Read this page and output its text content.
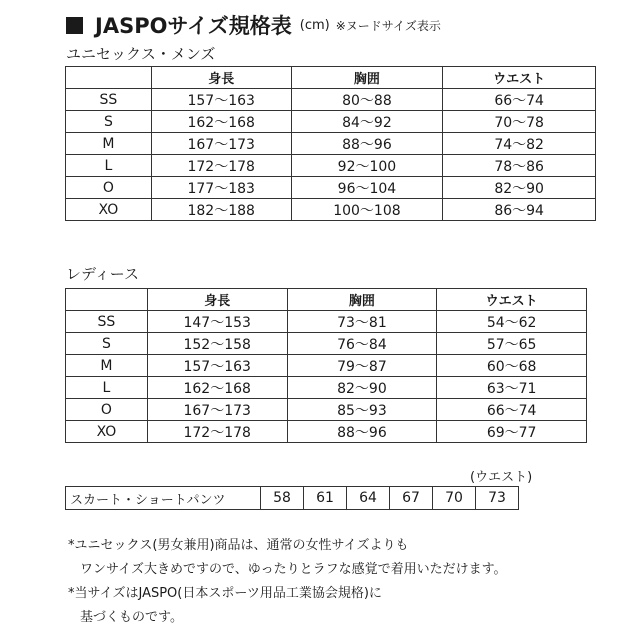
JASPOサイズ規格表 (cm) ※ヌードサイズ表示
ユニセックス・メンズ
	身長	胸囲	ウエスト
SS	157〜163	80〜88	66〜74
S	162〜168	84〜92	70〜78
M	167〜173	88〜96	74〜82
L	172〜178	92〜100	78〜86
O	177〜183	96〜104	82〜90
XO	182〜188	100〜108	86〜94
レディース
	身長	胸囲	ウエスト
SS	147〜153	73〜81	54〜62
S	152〜158	76〜84	57〜65
M	157〜163	79〜87	60〜68
L	162〜168	82〜90	63〜71
O	167〜173	85〜93	66〜74
XO	172〜178	88〜96	69〜77
(ウエスト)
スカート・ショートパンツ	58	61	64	67	70	73

*ユニセックス(男女兼用)商品は、通常の女性サイズよりも

ワンサイズ大きめですので、ゆったりとラフな感覚で着用いただけます。

*当サイズはJASPO(日本スポーツ用品工業協会規格)に

基づくものです。
